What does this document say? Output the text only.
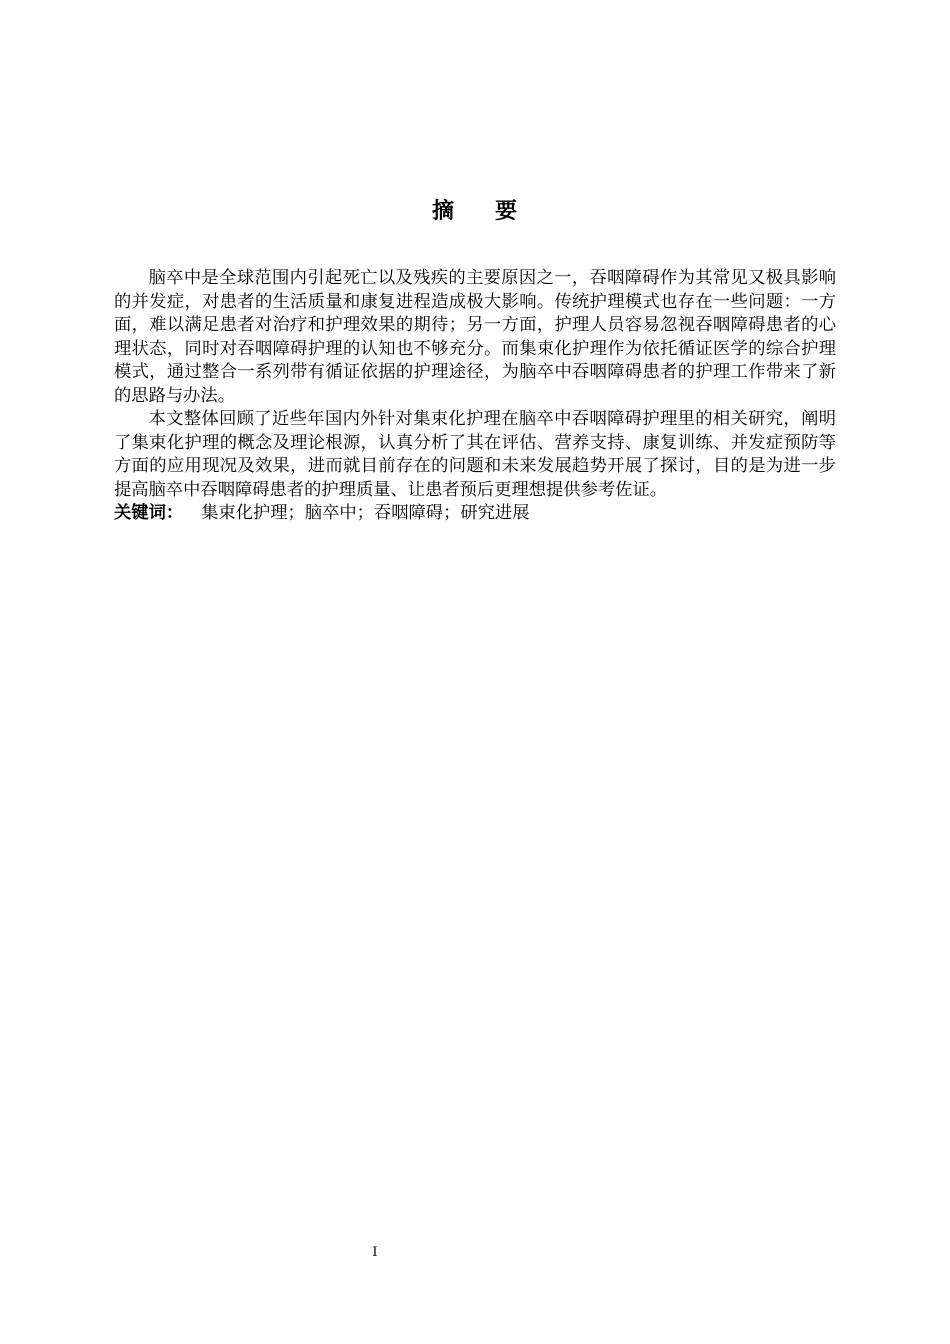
摘 要

脑卒中是全球范围内引起死亡以及残疾的主要原因之一，吞咽障碍作为其常见又极具影响的并发症，对患者的生活质量和康复进程造成极大影响。传统护理模式也存在一些问题：一方面，难以满足患者对治疗和护理效果的期待；另一方面，护理人员容易忽视吞咽障碍患者的心理状态，同时对吞咽障碍护理的认知也不够充分。而集束化护理作为依托循证医学的综合护理模式，通过整合一系列带有循证依据的护理途径，为脑卒中吞咽障碍患者的护理工作带来了新的思路与办法。

本文整体回顾了近些年国内外针对集束化护理在脑卒中吞咽障碍护理里的相关研究，阐明了集束化护理的概念及理论根源，认真分析了其在评估、营养支持、康复训练、并发症预防等方面的应用现况及效果，进而就目前存在的问题和未来发展趋势开展了探讨，目的是为进一步提高脑卒中吞咽障碍患者的护理质量、让患者预后更理想提供参考佐证。

关键词： 集束化护理；脑卒中；吞咽障碍；研究进展

I
